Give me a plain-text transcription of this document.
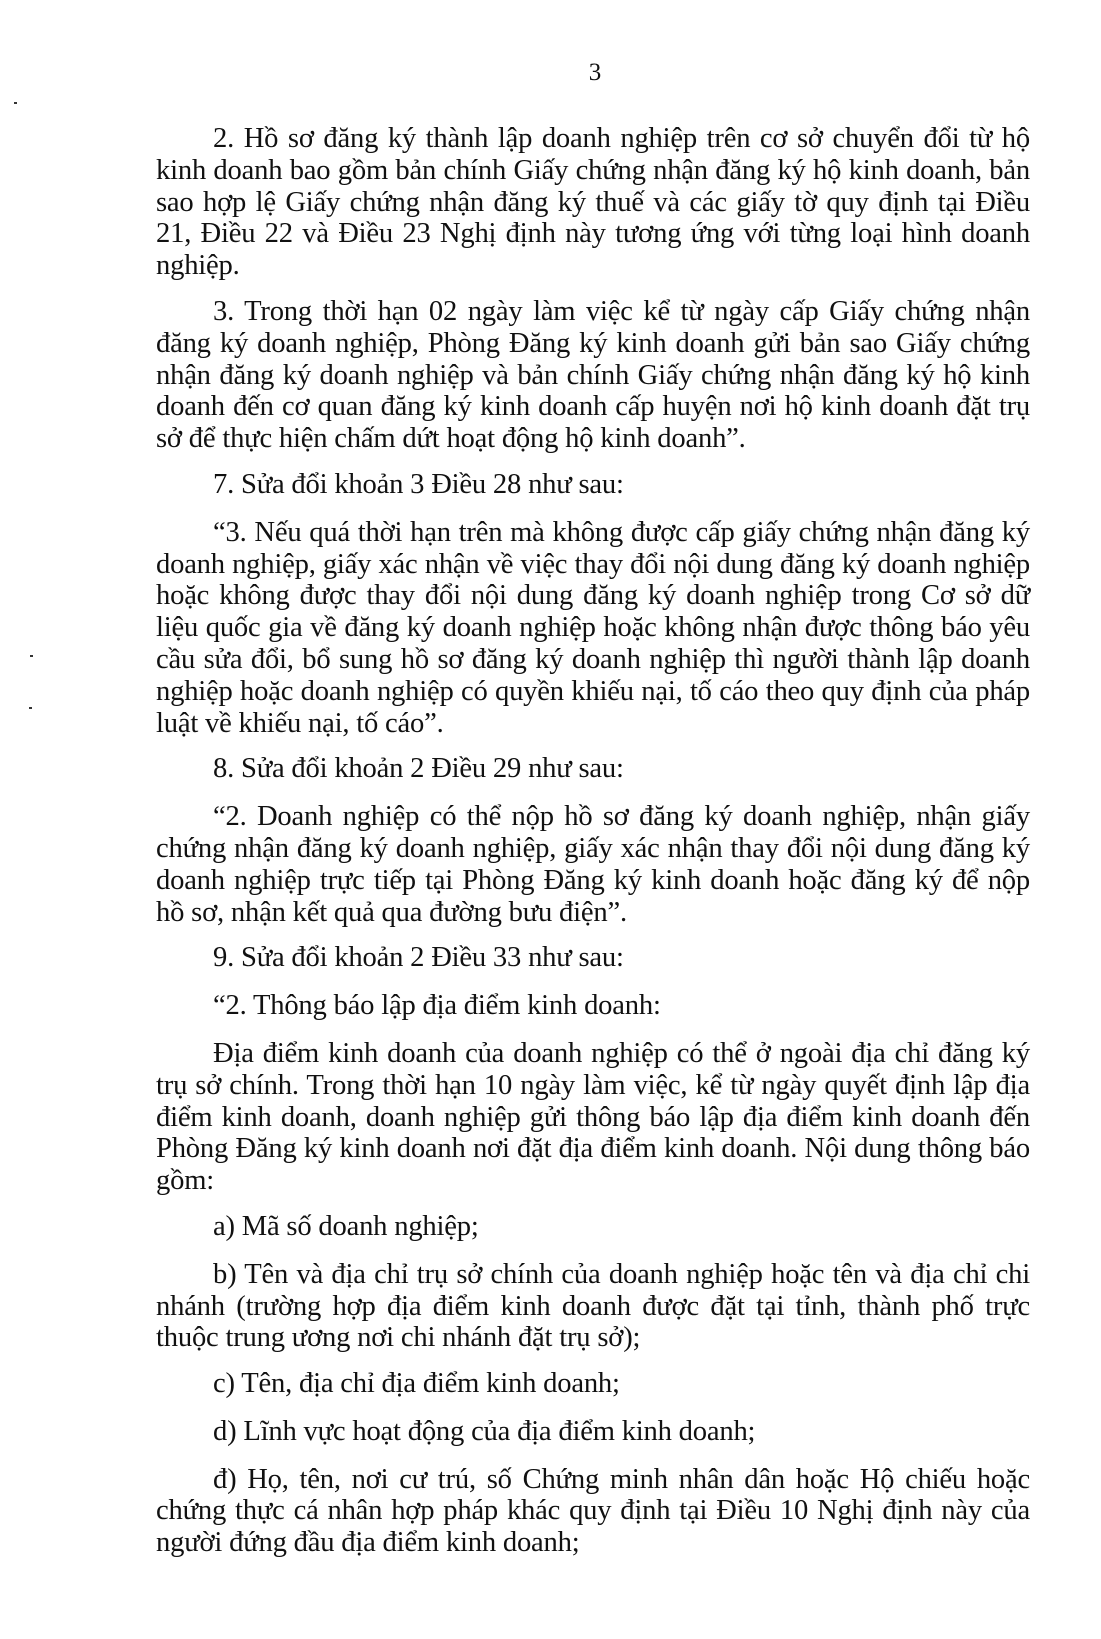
3

2. Hồ sơ đăng ký thành lập doanh nghiệp trên cơ sở chuyển đổi từ hộ kinh doanh bao gồm bản chính Giấy chứng nhận đăng ký hộ kinh doanh, bản sao hợp lệ Giấy chứng nhận đăng ký thuế và các giấy tờ quy định tại Điều 21, Điều 22 và Điều 23 Nghị định này tương ứng với từng loại hình doanh nghiệp.

3. Trong thời hạn 02 ngày làm việc kể từ ngày cấp Giấy chứng nhận đăng ký doanh nghiệp, Phòng Đăng ký kinh doanh gửi bản sao Giấy chứng nhận đăng ký doanh nghiệp và bản chính Giấy chứng nhận đăng ký hộ kinh doanh đến cơ quan đăng ký kinh doanh cấp huyện nơi hộ kinh doanh đặt trụ sở để thực hiện chấm dứt hoạt động hộ kinh doanh”.

7. Sửa đổi khoản 3 Điều 28 như sau:

“3. Nếu quá thời hạn trên mà không được cấp giấy chứng nhận đăng ký doanh nghiệp, giấy xác nhận về việc thay đổi nội dung đăng ký doanh nghiệp hoặc không được thay đổi nội dung đăng ký doanh nghiệp trong Cơ sở dữ liệu quốc gia về đăng ký doanh nghiệp hoặc không nhận được thông báo yêu cầu sửa đổi, bổ sung hồ sơ đăng ký doanh nghiệp thì người thành lập doanh nghiệp hoặc doanh nghiệp có quyền khiếu nại, tố cáo theo quy định của pháp luật về khiếu nại, tố cáo”.

8. Sửa đổi khoản 2 Điều 29 như sau:

“2. Doanh nghiệp có thể nộp hồ sơ đăng ký doanh nghiệp, nhận giấy chứng nhận đăng ký doanh nghiệp, giấy xác nhận thay đổi nội dung đăng ký doanh nghiệp trực tiếp tại Phòng Đăng ký kinh doanh hoặc đăng ký để nộp hồ sơ, nhận kết quả qua đường bưu điện”.

9. Sửa đổi khoản 2 Điều 33 như sau:

“2. Thông báo lập địa điểm kinh doanh:

Địa điểm kinh doanh của doanh nghiệp có thể ở ngoài địa chỉ đăng ký trụ sở chính. Trong thời hạn 10 ngày làm việc, kể từ ngày quyết định lập địa điểm kinh doanh, doanh nghiệp gửi thông báo lập địa điểm kinh doanh đến Phòng Đăng ký kinh doanh nơi đặt địa điểm kinh doanh. Nội dung thông báo gồm:

a) Mã số doanh nghiệp;

b) Tên và địa chỉ trụ sở chính của doanh nghiệp hoặc tên và địa chỉ chi nhánh (trường hợp địa điểm kinh doanh được đặt tại tỉnh, thành phố trực thuộc trung ương nơi chi nhánh đặt trụ sở);

c) Tên, địa chỉ địa điểm kinh doanh;

d) Lĩnh vực hoạt động của địa điểm kinh doanh;

đ) Họ, tên, nơi cư trú, số Chứng minh nhân dân hoặc Hộ chiếu hoặc chứng thực cá nhân hợp pháp khác quy định tại Điều 10 Nghị định này của người đứng đầu địa điểm kinh doanh;
